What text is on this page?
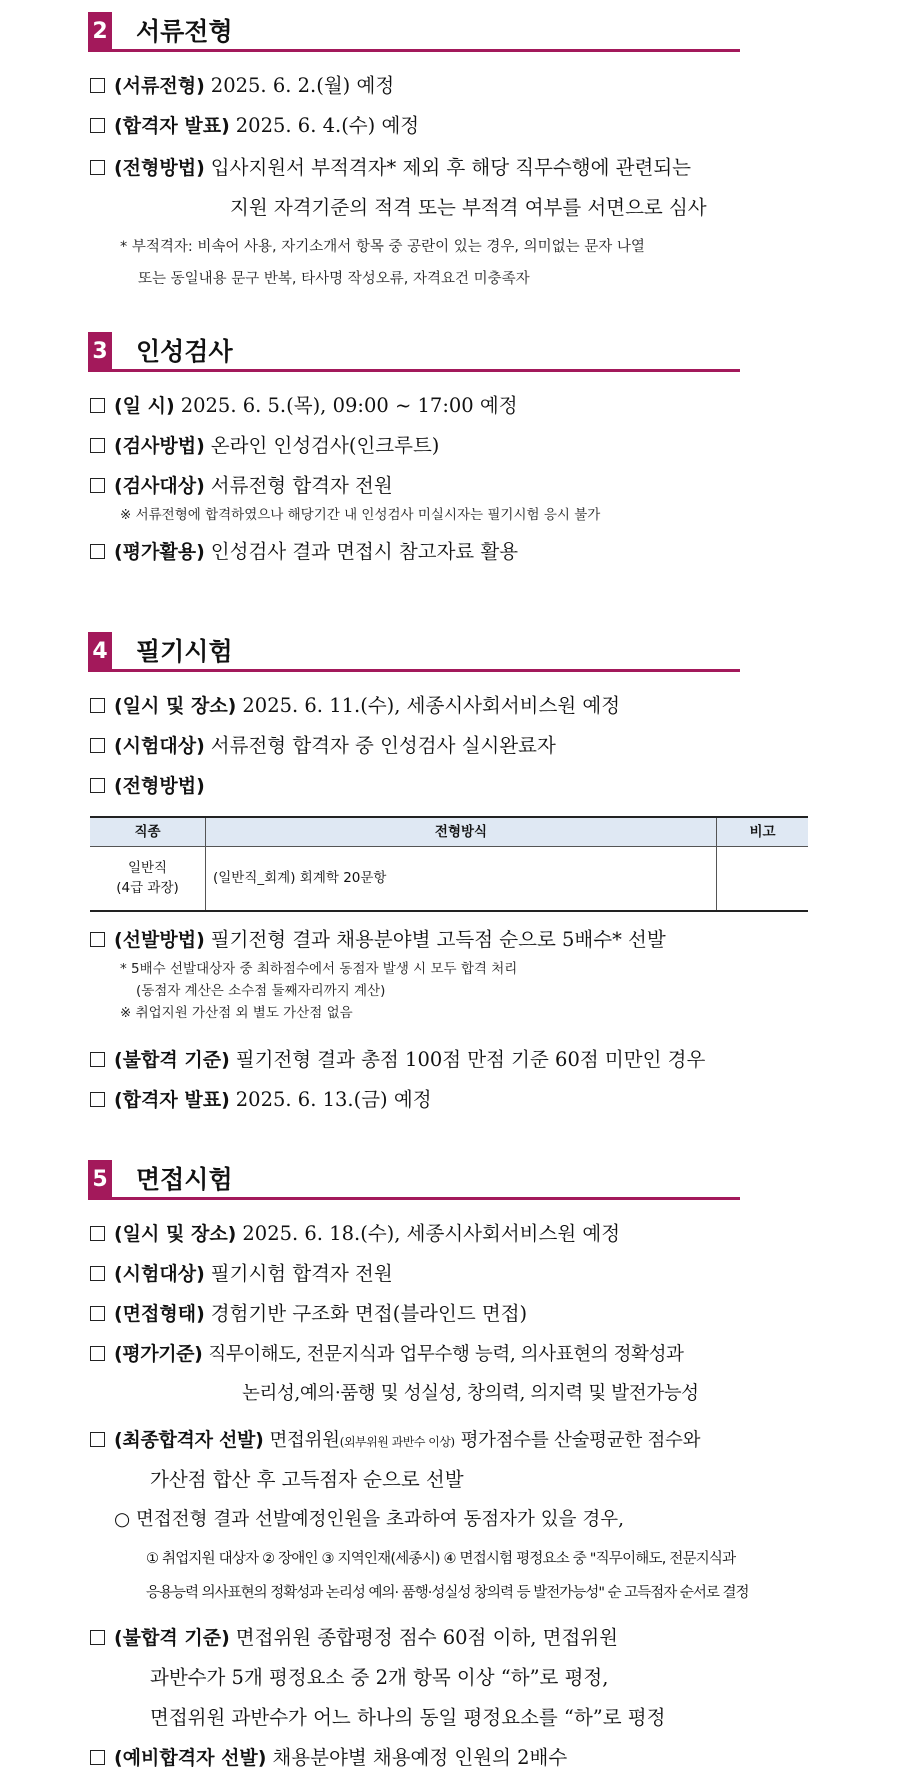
2 서류전형
(서류전형) 2025. 6. 2.(월) 예정
(합격자 발표) 2025. 6. 4.(수) 예정
(전형방법) 입사지원서 부적격자* 제외 후 해당 직무수행에 관련되는
지원 자격기준의 적격 또는 부적격 여부를 서면으로 심사
* 부적격자: 비속어 사용, 자기소개서 항목 중 공란이 있는 경우, 의미없는 문자 나열
또는 동일내용 문구 반복, 타사명 작성오류, 자격요건 미충족자
3 인성검사
(일 시) 2025. 6. 5.(목), 09:00 ~ 17:00 예정
(검사방법) 온라인 인성검사(인크루트)
(검사대상) 서류전형 합격자 전원
※ 서류전형에 합격하였으나 해당기간 내 인성검사 미실시자는 필기시험 응시 불가
(평가활용) 인성검사 결과 면접시 참고자료 활용
4 필기시험
(일시 및 장소) 2025. 6. 11.(수), 세종시사회서비스원 예정
(시험대상) 서류전형 합격자 중 인성검사 실시완료자
(전형방법)
직종	전형방식	비고
일반직
(4급 과장)
(일반직_회계) 회계학 20문항
(선발방법) 필기전형 결과 채용분야별 고득점 순으로 5배수* 선발
* 5배수 선발대상자 중 최하점수에서 동점자 발생 시 모두 합격 처리
(동점자 계산은 소수점 둘째자리까지 계산)
※ 취업지원 가산점 외 별도 가산점 없음
(불합격 기준) 필기전형 결과 총점 100점 만점 기준 60점 미만인 경우
(합격자 발표) 2025. 6. 13.(금) 예정
5 면접시험
(일시 및 장소) 2025. 6. 18.(수), 세종시사회서비스원 예정
(시험대상) 필기시험 합격자 전원
(면접형태) 경험기반 구조화 면접(블라인드 면접)
(평가기준) 직무이해도, 전문지식과 업무수행 능력, 의사표현의 정확성과
논리성,예의·품행 및 성실성, 창의력, 의지력 및 발전가능성
(최종합격자 선발) 면접위원(외부위원 과반수 이상) 평가점수를 산술평균한 점수와
가산점 합산 후 고득점자 순으로 선발
○ 면접전형 결과 선발예정인원을 초과하여 동점자가 있을 경우,
① 취업지원 대상자 ② 장애인 ③ 지역인재(세종시) ④ 면접시험 평정요소 중 "직무이해도, 전문지식과
응용능력 의사표현의 정확성과 논리성 예의· 품행·성실성 창의력 등 발전가능성" 순 고득점자 순서로 결정
(불합격 기준) 면접위원 종합평정 점수 60점 이하, 면접위원
과반수가 5개 평정요소 중 2개 항목 이상 “하”로 평정,
면접위원 과반수가 어느 하나의 동일 평정요소를 “하”로 평정
(예비합격자 선발) 채용분야별 채용예정 인원의 2배수
